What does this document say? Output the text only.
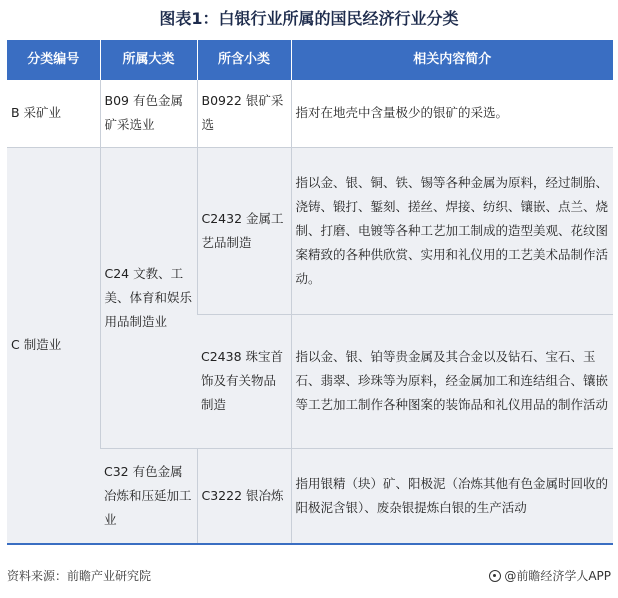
图表1：白银行业所属的国民经济行业分类
分类编号	所属大类	所含小类	相关内容简介
B 采矿业	B09 有色金属矿采选业	B0922 银矿采选	指对在地壳中含量极少的银矿的采选。
C 制造业	C24 文教、工美、体育和娱乐用品制造业	C2432 金属工艺品制造	指以金、银、铜、铁、锡等各种金属为原料，经过制胎、浇铸、锻打、錾刻、搓丝、焊接、纺织、镶嵌、点兰、烧制、打磨、电镀等各种工艺加工制成的造型美观、花纹图案精致的各种供欣赏、实用和礼仪用的工艺美术品制作活动。
		C2438 珠宝首饰及有关物品制造	指以金、银、铂等贵金属及其合金以及钻石、宝石、玉石、翡翠、珍珠等为原料，经金属加工和连结组合、镶嵌等工艺加工制作各种图案的装饰品和礼仪用品的制作活动
	C32 有色金属冶炼和压延加工业	C3222 银冶炼	指用银精（块）矿、阳极泥（冶炼其他有色金属时回收的阳极泥含银）、废杂银提炼白银的生产活动
资料来源：前瞻产业研究院	@前瞻经济学人APP
